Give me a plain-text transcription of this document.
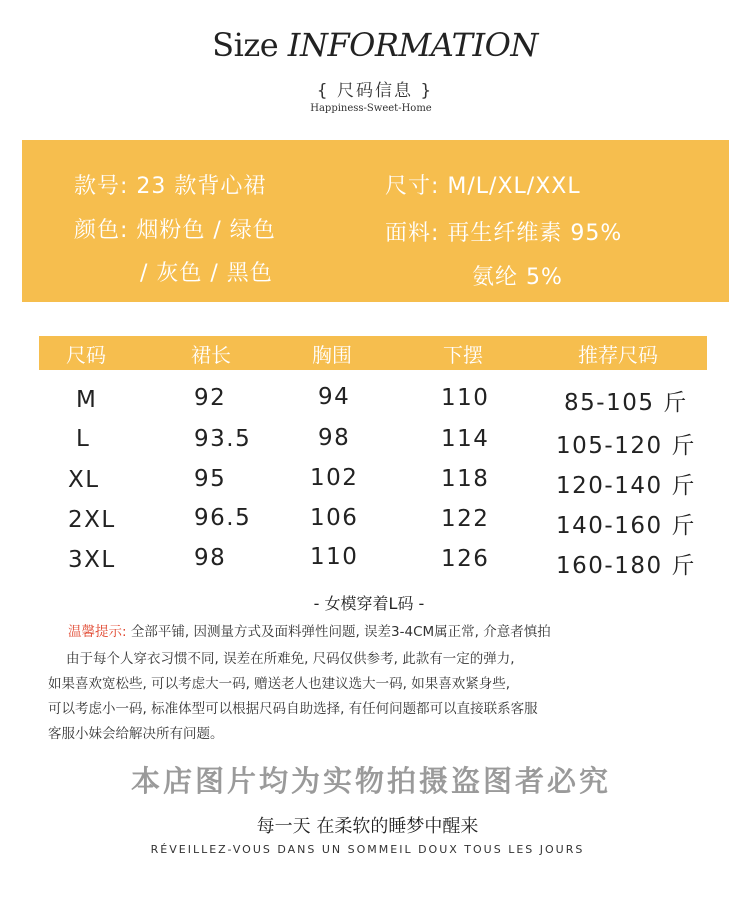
Size INFORMATION
{ 尺码信息 }
Happiness-Sweet-Home
款号: 23 款背心裙
颜色: 烟粉色 / 绿色
/ 灰色 / 黑色
尺寸: M/L/XL/XXL
面料: 再生纤维素 95%
氨纶 5%
尺码	裙长	胸围	下摆	推荐尺码
M	92	94	110	85-105 斤
L	93.5	98	114	105-120 斤
XL	95	102	118	120-140 斤
2XL	96.5	106	122	140-160 斤
3XL	98	110	126	160-180 斤
- 女模穿着L码 -
温馨提示: 全部平铺, 因测量方式及面料弹性问题, 误差3-4CM属正常, 介意者慎拍
由于每个人穿衣习惯不同, 误差在所难免, 尺码仅供参考, 此款有一定的弹力,
如果喜欢宽松些, 可以考虑大一码, 赠送老人也建议选大一码, 如果喜欢紧身些,
可以考虑小一码, 标准体型可以根据尺码自助选择, 有任何问题都可以直接联系客服
客服小妹会给解决所有问题。
本店图片均为实物拍摄盗图者必究
每一天 在柔软的睡梦中醒来
RÉVEILLEZ-VOUS DANS UN SOMMEIL DOUX TOUS LES JOURS
